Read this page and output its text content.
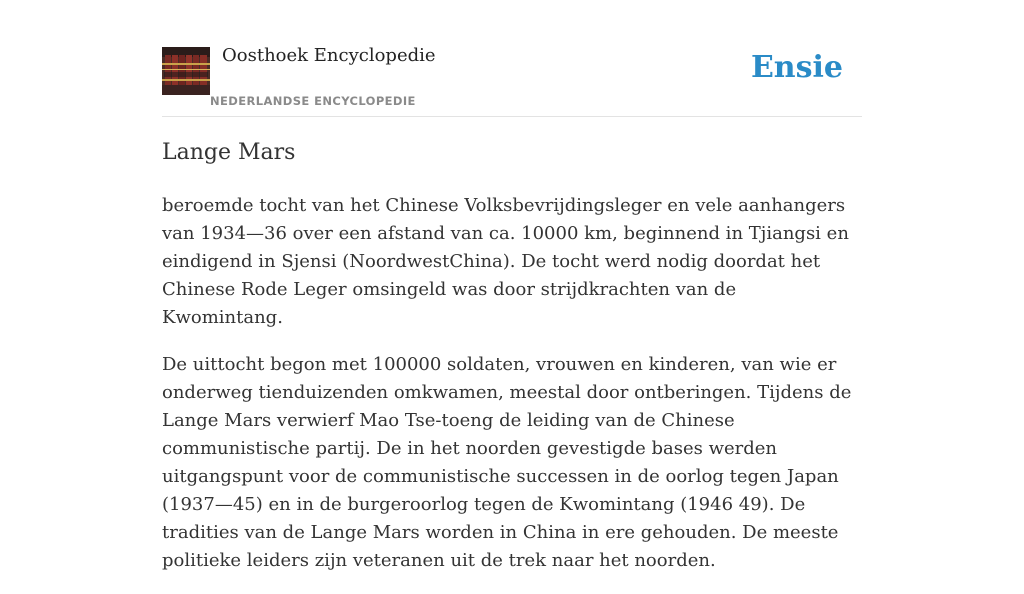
Oosthoek Encyclopedie
NEDERLANDSE ENCYCLOPEDIE
Ensie
Lange Mars

beroemde tocht van het Chinese Volksbevrijdingsleger en vele aanhangers van 1934—36 over een afstand van ca. 10000 km, beginnend in Tjiangsi en eindigend in Sjensi (NoordwestChina). De tocht werd nodig doordat het Chinese Rode Leger omsingeld was door strijdkrachten van de Kwomintang.

De uittocht begon met 100000 soldaten, vrouwen en kinderen, van wie er onderweg tienduizenden omkwamen, meestal door ontberingen. Tijdens de Lange Mars verwierf Mao Tse-toeng de leiding van de Chinese communistische partij. De in het noorden gevestigde bases werden uitgangspunt voor de communistische successen in de oorlog tegen Japan (1937—45) en in de burgeroorlog tegen de Kwomintang (1946 49). De tradities van de Lange Mars worden in China in ere gehouden. De meeste politieke leiders zijn veteranen uit de trek naar het noorden.
